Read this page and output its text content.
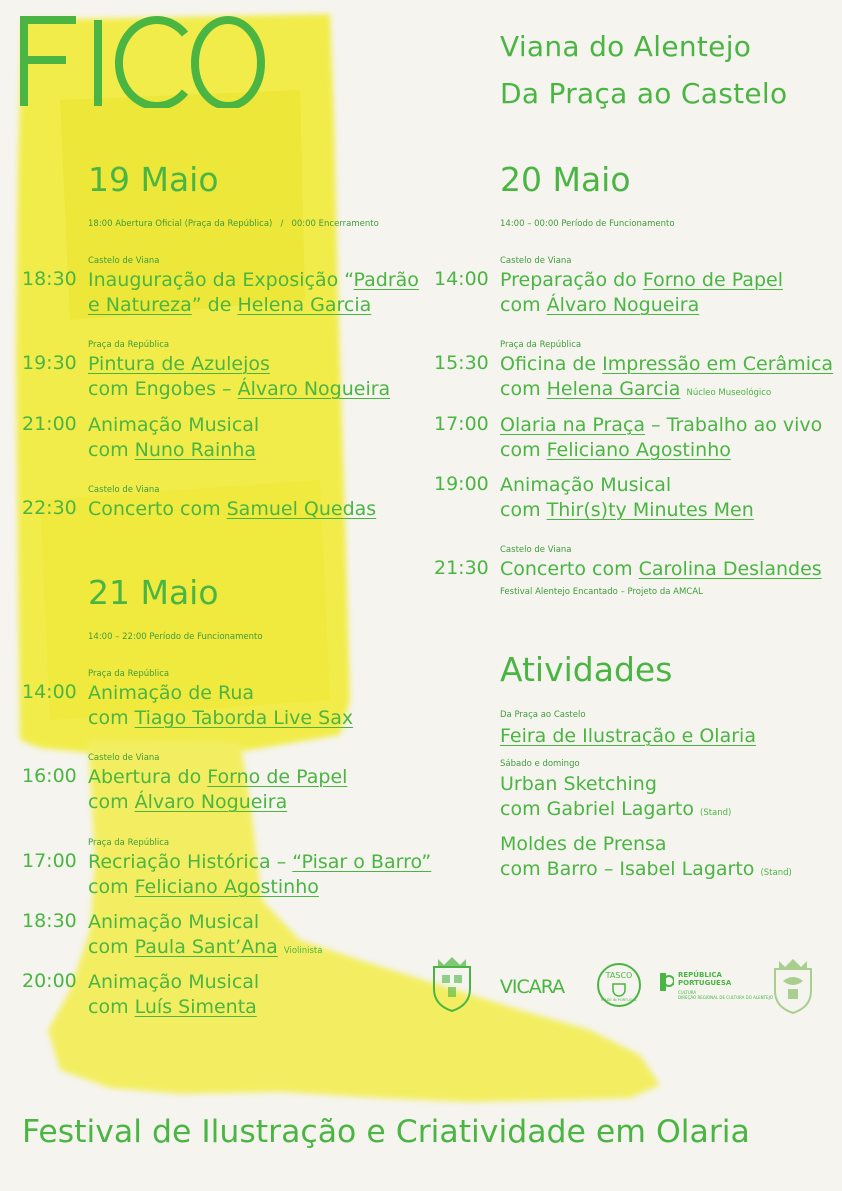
FICO
Viana do Alentejo
Da Praça ao Castelo
19 Maio
18:00 Abertura Oficial (Praça da República) / 00:00 Encerramento
Castelo de Viana
18:30 Inauguração da Exposição “Padrão
e Natureza” de Helena Garcia
Praça da República
19:30 Pintura de Azulejos
com Engobes – Álvaro Nogueira
21:00 Animação Musical
com Nuno Rainha
Castelo de Viana
22:30 Concerto com Samuel Quedas
21 Maio
14:00 – 22:00 Período de Funcionamento
Praça da República
14:00 Animação de Rua
com Tiago Taborda Live Sax
Castelo de Viana
16:00 Abertura do Forno de Papel
com Álvaro Nogueira
Praça da República
17:00 Recriação Histórica – “Pisar o Barro”
com Feliciano Agostinho
18:30 Animação Musical
com Paula Sant’Ana Violinista
20:00 Animação Musical
com Luís Simenta
20 Maio
14:00 – 00:00 Período de Funcionamento
Castelo de Viana
14:00 Preparação do Forno de Papel
com Álvaro Nogueira
Praça da República
15:30 Oficina de Impressão em Cerâmica
com Helena Garcia Núcleo Museológico
17:00 Olaria na Praça – Trabalho ao vivo
com Feliciano Agostinho
19:00 Animação Musical
com Thir(s)ty Minutes Men
Castelo de Viana
21:30 Concerto com Carolina Deslandes
Festival Alentejo Encantado – Projeto da AMCAL
Atividades
Da Praça ao Castelo
Feira de Ilustração e Olaria
Sábado e domingo
Urban Sketching
com Gabriel Lagarto (Stand)
Moldes de Prensa
com Barro – Isabel Lagarto (Stand)
VICARA
TASCO
MADE IN PORTUGAL
REPÚBLICA
PORTUGUESA
CULTURA
DIREÇÃO REGIONAL DE CULTURA DO ALENTEJO
Festival de Ilustração e Criatividade em Olaria
